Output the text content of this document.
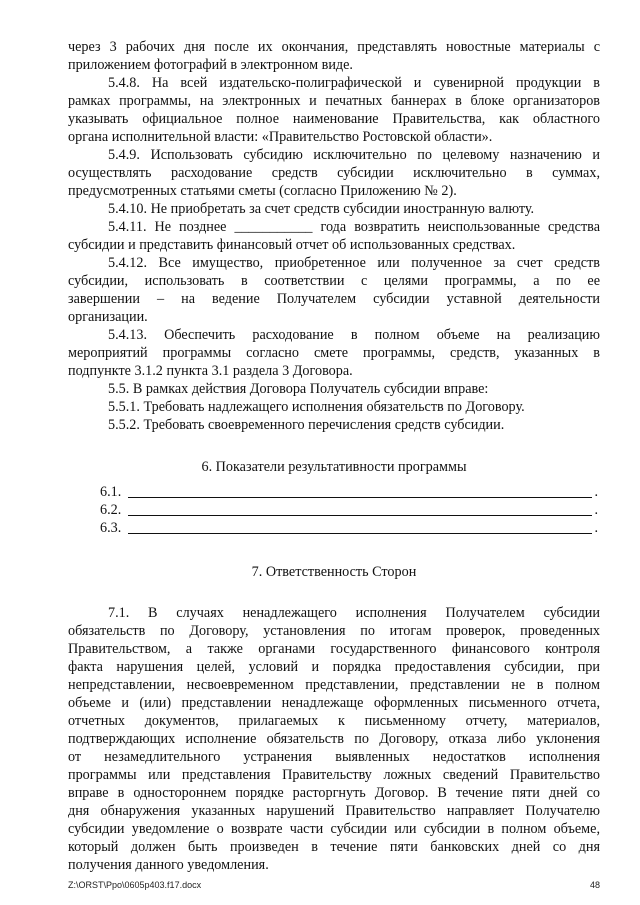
через 3 рабочих дня после их окончания, представлять новостные материалы с
приложением фотографий в электронном виде.
5.4.8. На всей издательско-полиграфической и сувенирной продукции в
рамках программы, на электронных и печатных баннерах в блоке организаторов
указывать официальное полное наименование Правительства, как областного
органа исполнительной власти: «Правительство Ростовской области».
5.4.9. Использовать субсидию исключительно по целевому назначению и
осуществлять расходование средств субсидии исключительно в суммах,
предусмотренных статьями сметы (согласно Приложению № 2).
5.4.10. Не приобретать за счет средств субсидии иностранную валюту.
5.4.11. Не позднее ___________ года возвратить неиспользованные средства
субсидии и представить финансовый отчет об использованных средствах.
5.4.12. Все имущество, приобретенное или полученное за счет средств
субсидии, использовать в соответствии с целями программы, а по ее
завершении – на ведение Получателем субсидии уставной деятельности
организации.
5.4.13. Обеспечить расходование в полном объеме на реализацию
мероприятий программы согласно смете программы, средств, указанных в
подпункте 3.1.2 пункта 3.1 раздела 3 Договора.
5.5. В рамках действия Договора Получатель субсидии вправе:
5.5.1. Требовать надлежащего исполнения обязательств по Договору.
5.5.2. Требовать своевременного перечисления средств субсидии.
6. Показатели результативности программы
6.1.	.
6.2.	.
6.3.	.
7. Ответственность Сторон
7.1. В случаях ненадлежащего исполнения Получателем субсидии
обязательств по Договору, установления по итогам проверок, проведенных
Правительством, а также органами государственного финансового контроля
факта нарушения целей, условий и порядка предоставления субсидии, при
непредставлении, несвоевременном представлении, представлении не в полном
объеме и (или) представлении ненадлежаще оформленных письменного отчета,
отчетных документов, прилагаемых к письменному отчету, материалов,
подтверждающих исполнение обязательств по Договору, отказа либо уклонения
от незамедлительного устранения выявленных недостатков исполнения
программы или представления Правительству ложных сведений Правительство
вправе в одностороннем порядке расторгнуть Договор. В течение пяти дней со
дня обнаружения указанных нарушений Правительство направляет Получателю
субсидии уведомление о возврате части субсидии или субсидии в полном объеме,
который должен быть произведен в течение пяти банковских дней со дня
получения данного уведомления.
Z:\ORST\Ppo\0605p403.f17.docx	48
